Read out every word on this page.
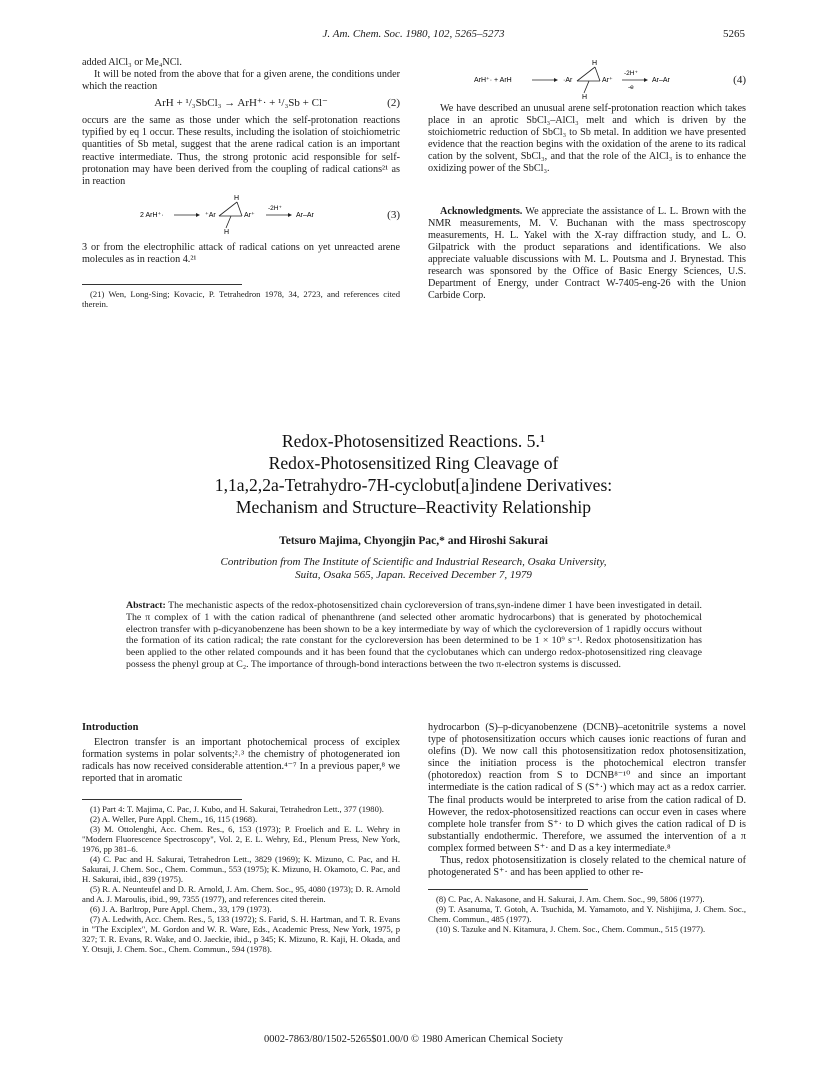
J. Am. Chem. Soc. 1980, 102, 5265–5273	5265

added AlCl₃ or Me₄NCl.

It will be noted from the above that for a given arene, the conditions under which the reaction

ArH + ¹/₃SbCl₃ → ArH⁺· + ¹/₃Sb + Cl⁻	(2)

occurs are the same as those under which the self-protonation reactions typified by eq 1 occur. These results, including the isolation of stoichiometric quantities of Sb metal, suggest that the arene radical cation is an important reactive intermediate. Thus, the strong protonic acid responsible for self-protonation may have been derived from the coupling of radical cations²¹ as in reaction

2 ArH⁺·	⁺Ar
H
H
Ar⁺
-2H⁺
Ar–Ar	(3)

3 or from the electrophilic attack of radical cations on yet unreacted arene molecules as in reaction 4.²¹

(21) Wen, Long-Sing; Kovacic, P. Tetrahedron 1978, 34, 2723, and references cited therein.

ArH⁺· + ArH	·Ar
H
H
Ar⁺
-2H⁺
-e
Ar–Ar	(4)

We have described an unusual arene self-protonation reaction which takes place in an aprotic SbCl₃–AlCl₃ melt and which is driven by the stoichiometric reduction of SbCl₃ to Sb metal. In addition we have presented evidence that the reaction begins with the oxidation of the arene to its radical cation by the solvent, SbCl₃, and that the role of the AlCl₃ is to enhance the oxidizing power of the SbCl₃.

Acknowledgments. We appreciate the assistance of L. L. Brown with the NMR measurements, M. V. Buchanan with the mass spectroscopy measurements, H. L. Yakel with the X-ray diffraction study, and L. O. Gilpatrick with the product separations and identifications. We also appreciate valuable discussions with M. L. Poutsma and J. Brynestad. This research was sponsored by the Office of Basic Energy Sciences, U.S. Department of Energy, under Contract W-7405-eng-26 with the Union Carbide Corp.

Redox-Photosensitized Reactions. 5.¹
Redox-Photosensitized Ring Cleavage of
1,1a,2,2a-Tetrahydro-7H-cyclobut[a]indene Derivatives:
Mechanism and Structure–Reactivity Relationship
Tetsuro Majima, Chyongjin Pac,* and Hiroshi Sakurai
Contribution from The Institute of Scientific and Industrial Research, Osaka University,
Suita, Osaka 565, Japan. Received December 7, 1979
Abstract: The mechanistic aspects of the redox-photosensitized chain cycloreversion of trans,syn-indene dimer 1 have been investigated in detail. The π complex of 1 with the cation radical of phenanthrene (and selected other aromatic hydrocarbons) that is generated by photochemical electron transfer with p-dicyanobenzene has been shown to be a key intermediate by way of which the cycloreversion of 1 rapidly occurs without the formation of its cation radical; the rate constant for the cycloreversion has been determined to be 1 × 10⁹ s⁻¹. Redox photosensitization has been applied to the other related compounds and it has been found that the cyclobutanes which can undergo redox-photosensitized ring cleavage possess the phenyl group at C₂. The importance of through-bond interactions between the two π-electron systems is discussed.

Introduction

Electron transfer is an important photochemical process of exciplex formation systems in polar solvents;²˒³ the chemistry of photogenerated ion radicals has now received considerable attention.⁴⁻⁷ In a previous paper,⁸ we reported that in aromatic

(1) Part 4: T. Majima, C. Pac, J. Kubo, and H. Sakurai, Tetrahedron Lett., 377 (1980).

(2) A. Weller, Pure Appl. Chem., 16, 115 (1968).

(3) M. Ottolenghi, Acc. Chem. Res., 6, 153 (1973); P. Froelich and E. L. Wehry in "Modern Fluorescence Spectroscopy", Vol. 2, E. L. Wehry, Ed., Plenum Press, New York, 1976, pp 381–6.

(4) C. Pac and H. Sakurai, Tetrahedron Lett., 3829 (1969); K. Mizuno, C. Pac, and H. Sakurai, J. Chem. Soc., Chem. Commun., 553 (1975); K. Mizuno, H. Okamoto, C. Pac, and H. Sakurai, ibid., 839 (1975).

(5) R. A. Neunteufel and D. R. Arnold, J. Am. Chem. Soc., 95, 4080 (1973); D. R. Arnold and A. J. Maroulis, ibid., 99, 7355 (1977), and references cited therein.

(6) J. A. Barltrop, Pure Appl. Chem., 33, 179 (1973).

(7) A. Ledwith, Acc. Chem. Res., 5, 133 (1972); S. Farid, S. H. Hartman, and T. R. Evans in "The Exciplex", M. Gordon and W. R. Ware, Eds., Academic Press, New York, 1975, p 327; T. R. Evans, R. Wake, and O. Jaeckie, ibid., p 345; K. Mizuno, R. Kaji, H. Okada, and Y. Otsuji, J. Chem. Soc., Chem. Commun., 594 (1978).

hydrocarbon (S)–p-dicyanobenzene (DCNB)–acetonitrile systems a novel type of photosensitization occurs which causes ionic reactions of furan and olefins (D). We now call this photosensitization redox photosensitization, since the initiation process is the photochemical electron transfer (photoredox) reaction from S to DCNB⁸⁻¹⁰ and since an important intermediate is the cation radical of S (S⁺·) which may act as a redox carrier. The final products would be interpreted to arise from the cation radical of D. However, the redox-photosensitized reactions can occur even in cases where complete hole transfer from S⁺· to D which gives the cation radical of D is substantially endothermic. Therefore, we assumed the intervention of a π complex formed between S⁺· and D as a key intermediate.⁸

Thus, redox photosensitization is closely related to the chemical nature of photogenerated S⁺· and has been applied to other re-

(8) C. Pac, A. Nakasone, and H. Sakurai, J. Am. Chem. Soc., 99, 5806 (1977).

(9) T. Asanuma, T. Gotoh, A. Tsuchida, M. Yamamoto, and Y. Nishijima, J. Chem. Soc., Chem. Commun., 485 (1977).

(10) S. Tazuke and N. Kitamura, J. Chem. Soc., Chem. Commun., 515 (1977).

0002-7863/80/1502-5265$01.00/0 © 1980 American Chemical Society
